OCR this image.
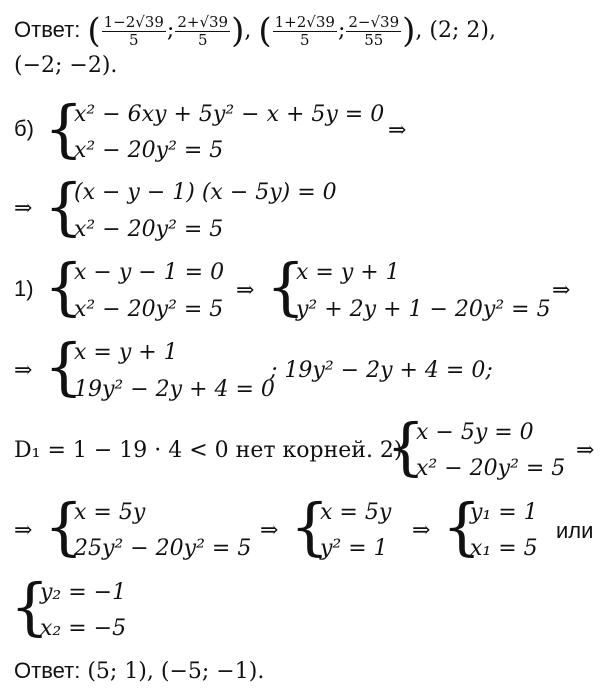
Ответ: ( $\frac{1-2√39}{5}$ ; $\frac{2+√39}{5}$ ), ( $\frac{1+2√39}{5}$ ; $\frac{2-√39}{55}$ ), (2; 2),
(−2; −2).
б) {
x² − 6xy + 5y² − x + 5y = 0
x² − 20y² = 5
⇒
⇒ {
(x − y − 1) (x − 5y) = 0
x² − 20y² = 5
1) {
x − y − 1 = 0
x² − 20y² = 5
⇒ {
x = y + 1
y² + 2y + 1 − 20y² = 5
⇒
⇒ {
x = y + 1
19y² − 2y + 4 = 0
; 19y² − 2y + 4 = 0;
D₁ = 1 − 19 · 4 < 0 нет корней. 2)
{
x − 5y = 0
x² − 20y² = 5
⇒
⇒ {
x = 5y
25y² − 20y² = 5
⇒ {
x = 5y
y² = 1
⇒ {
y₁ = 1
x₁ = 5
или
{
y₂ = −1
x₂ = −5
Ответ: (5; 1), (−5; −1).
